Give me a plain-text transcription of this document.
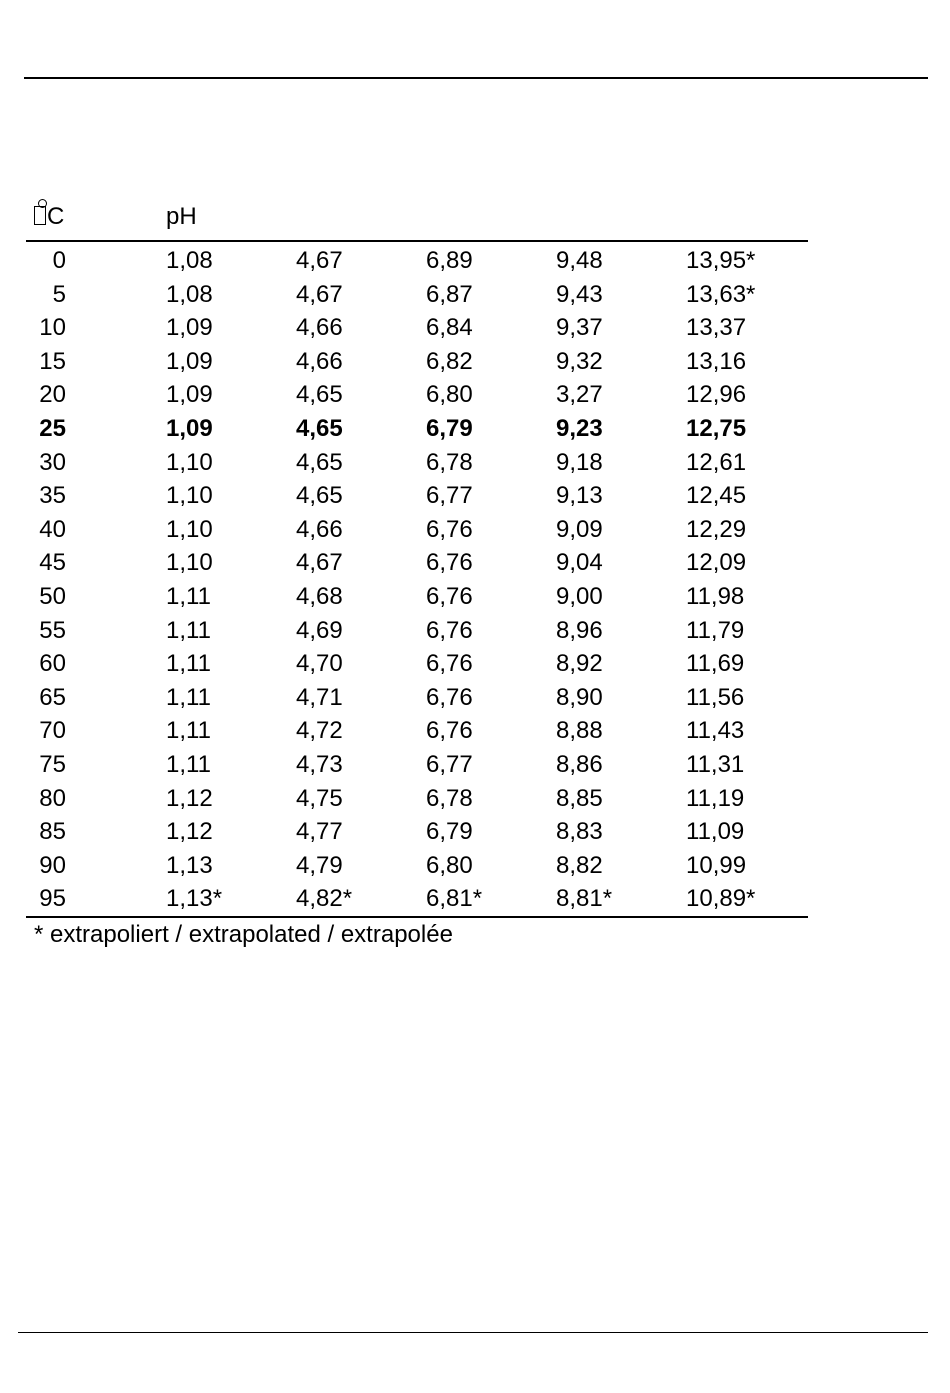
C	pH
0	1,08	4,67	6,89	9,48	13,95*
5	1,08	4,67	6,87	9,43	13,63*
10	1,09	4,66	6,84	9,37	13,37
15	1,09	4,66	6,82	9,32	13,16
20	1,09	4,65	6,80	3,27	12,96
25	1,09	4,65	6,79	9,23	12,75
30	1,10	4,65	6,78	9,18	12,61
35	1,10	4,65	6,77	9,13	12,45
40	1,10	4,66	6,76	9,09	12,29
45	1,10	4,67	6,76	9,04	12,09
50	1,11	4,68	6,76	9,00	11,98
55	1,11	4,69	6,76	8,96	11,79
60	1,11	4,70	6,76	8,92	11,69
65	1,11	4,71	6,76	8,90	11,56
70	1,11	4,72	6,76	8,88	11,43
75	1,11	4,73	6,77	8,86	11,31
80	1,12	4,75	6,78	8,85	11,19
85	1,12	4,77	6,79	8,83	11,09
90	1,13	4,79	6,80	8,82	10,99
95	1,13*	4,82*	6,81*	8,81*	10,89*
* extrapoliert / extrapolated / extrapolée
